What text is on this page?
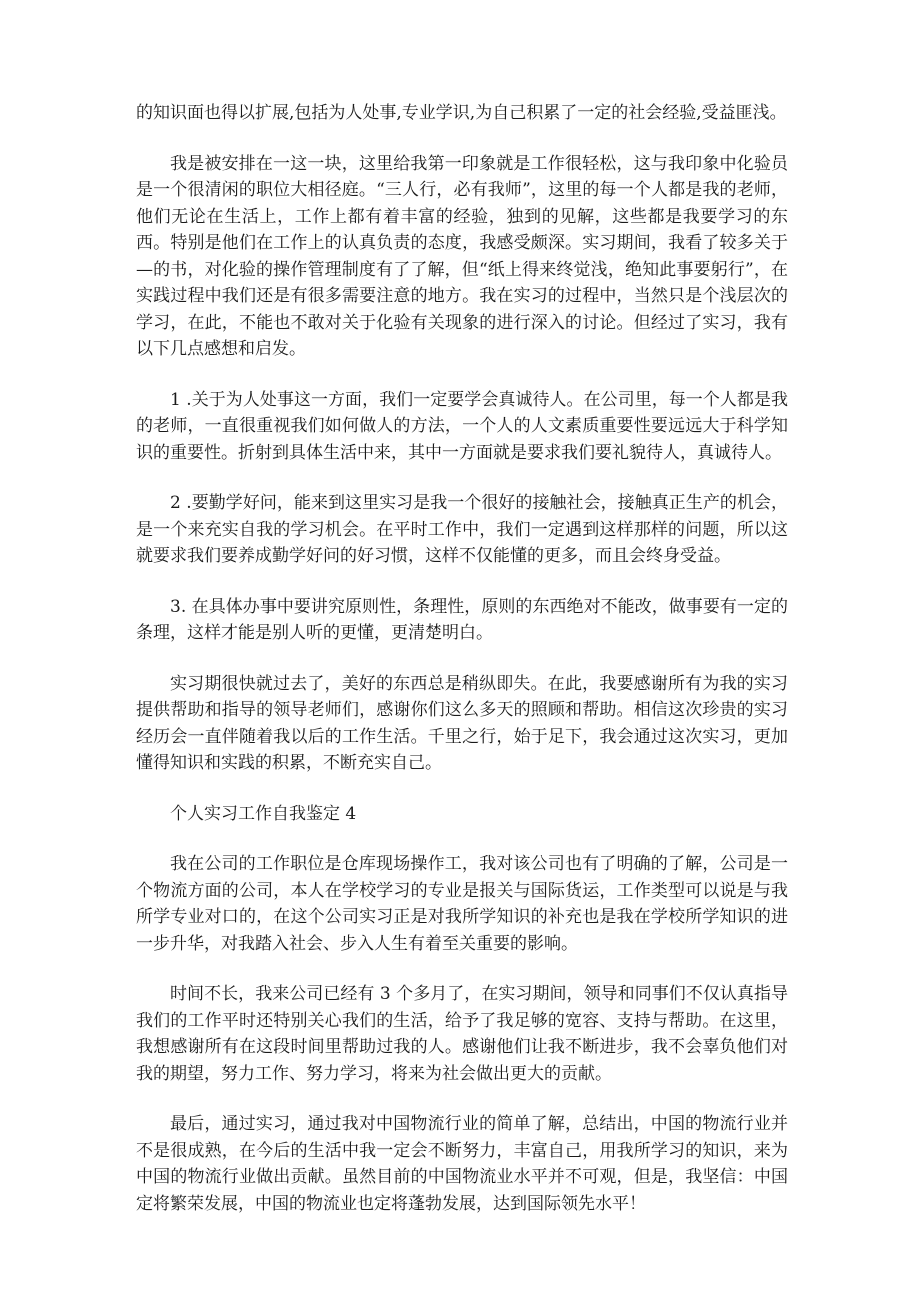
的知识面也得以扩展,包括为人处事,专业学识,为自己积累了一定的社会经验,受益匪浅。

我是被安排在一这一块，这里给我第一印象就是工作很轻松，这与我印象中化验员是一个很清闲的职位大相径庭。“三人行，必有我师”，这里的每一个人都是我的老师，他们无论在生活上，工作上都有着丰富的经验，独到的见解，这些都是我要学习的东西。特别是他们在工作上的认真负责的态度，我感受颇深。实习期间，我看了较多关于—的书，对化验的操作管理制度有了了解，但“纸上得来终觉浅，绝知此事要躬行”，在实践过程中我们还是有很多需要注意的地方。我在实习的过程中，当然只是个浅层次的学习，在此，不能也不敢对关于化验有关现象的进行深入的讨论。但经过了实习，我有以下几点感想和启发。

1 .关于为人处事这一方面，我们一定要学会真诚待人。在公司里，每一个人都是我的老师，一直很重视我们如何做人的方法，一个人的人文素质重要性要远远大于科学知识的重要性。折射到具体生活中来，其中一方面就是要求我们要礼貌待人，真诚待人。

2 .要勤学好问，能来到这里实习是我一个很好的接触社会，接触真正生产的机会，是一个来充实自我的学习机会。在平时工作中，我们一定遇到这样那样的问题，所以这就要求我们要养成勤学好问的好习惯，这样不仅能懂的更多，而且会终身受益。

3. 在具体办事中要讲究原则性，条理性，原则的东西绝对不能改，做事要有一定的条理，这样才能是别人听的更懂，更清楚明白。

实习期很快就过去了，美好的东西总是稍纵即失。在此，我要感谢所有为我的实习提供帮助和指导的领导老师们，感谢你们这么多天的照顾和帮助。相信这次珍贵的实习经历会一直伴随着我以后的工作生活。千里之行，始于足下，我会通过这次实习，更加懂得知识和实践的积累，不断充实自己。

个人实习工作自我鉴定 4

我在公司的工作职位是仓库现场操作工，我对该公司也有了明确的了解，公司是一个物流方面的公司，本人在学校学习的专业是报关与国际货运，工作类型可以说是与我所学专业对口的，在这个公司实习正是对我所学知识的补充也是我在学校所学知识的进一步升华，对我踏入社会、步入人生有着至关重要的影响。

时间不长，我来公司已经有 3 个多月了，在实习期间，领导和同事们不仅认真指导我们的工作平时还特别关心我们的生活，给予了我足够的宽容、支持与帮助。在这里，我想感谢所有在这段时间里帮助过我的人。感谢他们让我不断进步，我不会辜负他们对我的期望，努力工作、努力学习，将来为社会做出更大的贡献。

最后，通过实习，通过我对中国物流行业的简单了解，总结出，中国的物流行业并不是很成熟，在今后的生活中我一定会不断努力，丰富自己，用我所学习的知识，来为中国的物流行业做出贡献。虽然目前的中国物流业水平并不可观，但是，我坚信：中国定将繁荣发展，中国的物流业也定将蓬勃发展，达到国际领先水平！
